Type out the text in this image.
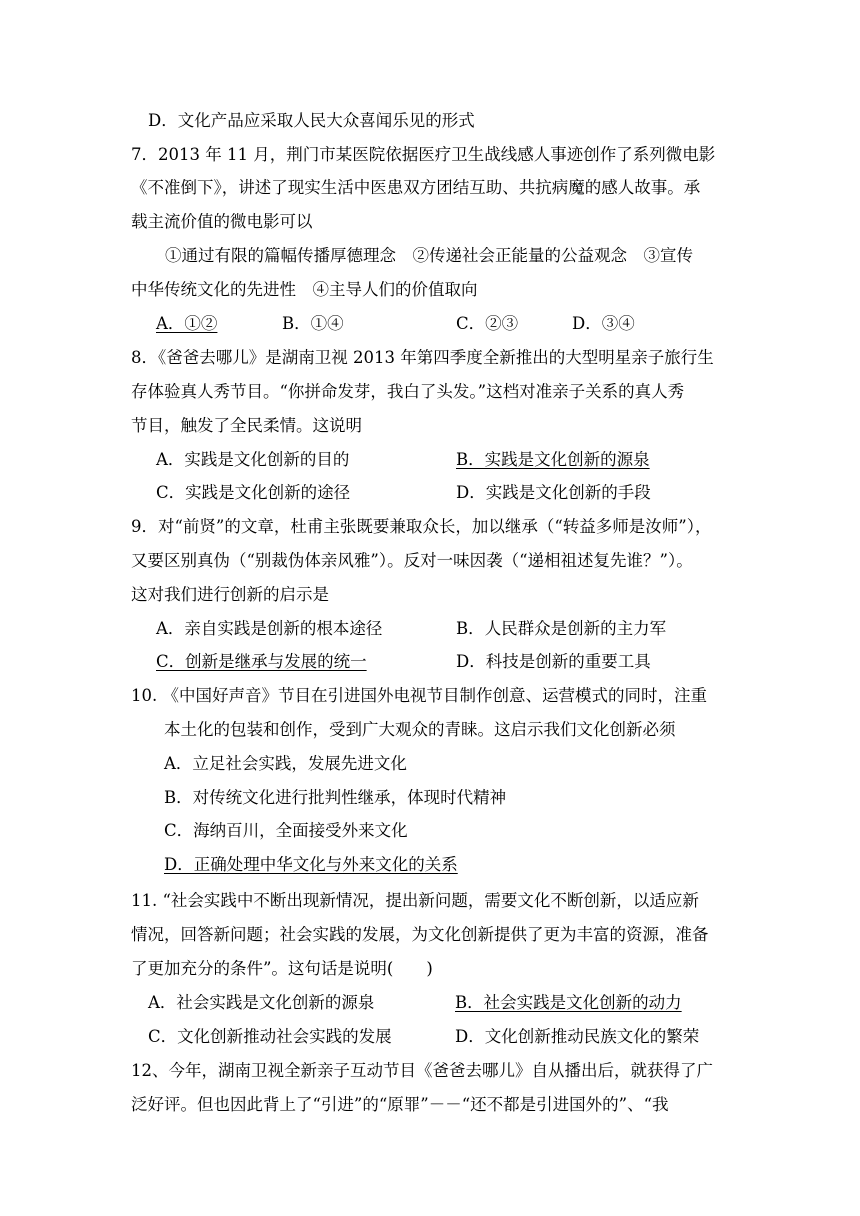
D．文化产品应采取人民大众喜闻乐见的形式
7．2013 年 11 月，荆门市某医院依据医疗卫生战线感人事迹创作了系列微电影
《不准倒下》，讲述了现实生活中医患双方团结互助、共抗病魔的感人故事。承
载主流价值的微电影可以
①通过有限的篇幅传播厚德理念　②传递社会正能量的公益观念　③宣传
中华传统文化的先进性　④主导人们的价值取向
A．①②	B．①④	C．②③	D．③④
8．《爸爸去哪儿》是湖南卫视 2013 年第四季度全新推出的大型明星亲子旅行生
存体验真人秀节目。“你拼命发芽，我白了头发。”这档对准亲子关系的真人秀
节目，触发了全民柔情。这说明
A．实践是文化创新的目的	B．实践是文化创新的源泉
C．实践是文化创新的途径	D．实践是文化创新的手段
9．对“前贤”的文章，杜甫主张既要兼取众长，加以继承（“转益多师是汝师”），
又要区别真伪（“别裁伪体亲风雅”）。反对一味因袭（“递相祖述复先谁？”）。
这对我们进行创新的启示是
A．亲自实践是创新的根本途径	B．人民群众是创新的主力军
C．创新是继承与发展的统一	D．科技是创新的重要工具
10. 《中国好声音》节目在引进国外电视节目制作创意、运营模式的同时，注重
本土化的包装和创作，受到广大观众的青睐。这启示我们文化创新必须
A．立足社会实践，发展先进文化
B．对传统文化进行批判性继承，体现时代精神
C．海纳百川，全面接受外来文化
D．正确处理中华文化与外来文化的关系
11. “社会实践中不断出现新情况，提出新问题，需要文化不断创新，以适应新
情况，回答新问题；社会实践的发展，为文化创新提供了更为丰富的资源，准备
了更加充分的条件”。这句话是说明(　　)
A．社会实践是文化创新的源泉	B．社会实践是文化创新的动力
C．文化创新推动社会实践的发展	D．文化创新推动民族文化的繁荣
12、今年，湖南卫视全新亲子互动节目《爸爸去哪儿》自从播出后，就获得了广
泛好评。但也因此背上了“引进”的“原罪”－－“还不都是引进国外的”、“我
